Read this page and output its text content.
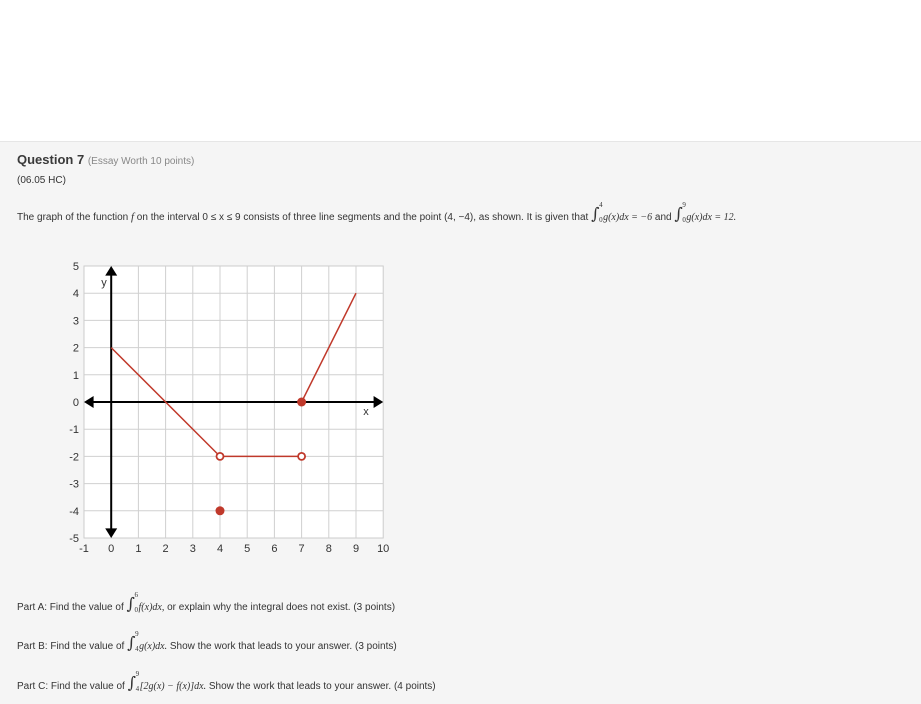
Question 7 (Essay Worth 10 points)
(06.05 HC)
The graph of the function f on the interval 0 ≤ x ≤ 9 consists of three line segments and the point (4, −4), as shown. It is given that ∫ 4
0 g(x)dx = −6 and ∫ 9
0 g(x)dx = 12.
y
x
-1 0 1 2 3 4 5 6 7 8 9 10
5
4
3
2
1
0
-1
-2
-3
-4
-5
Part A: Find the value of ∫ 6
0 f(x)dx, or explain why the integral does not exist. (3 points)
Part B: Find the value of ∫ 9
4 g(x)dx. Show the work that leads to your answer. (3 points)
Part C: Find the value of ∫ 9
4 [2g(x) − f(x)]dx. Show the work that leads to your answer. (4 points)
